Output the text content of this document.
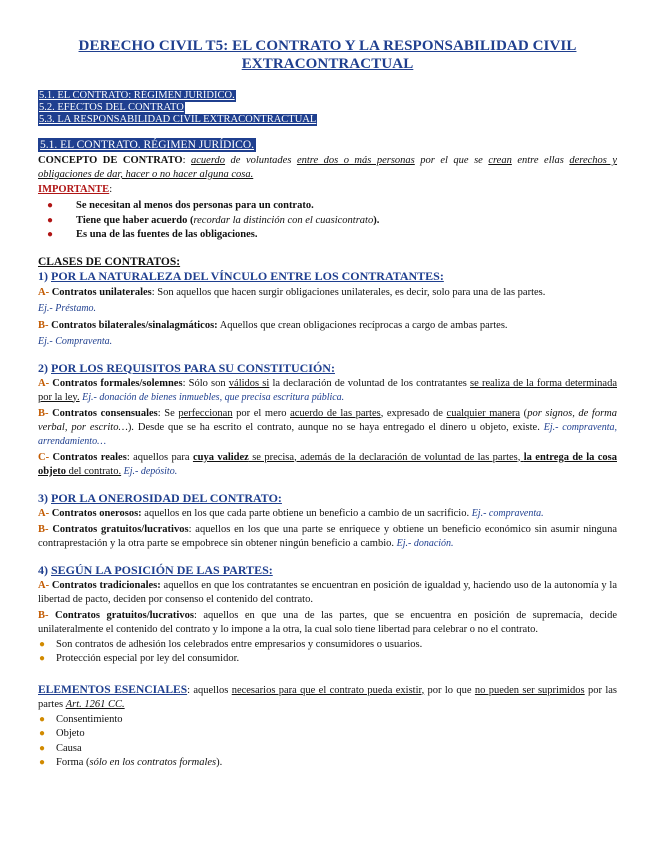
DERECHO CIVIL T5: EL CONTRATO Y LA RESPONSABILIDAD CIVIL EXTRACONTRACTUAL
5.1. EL CONTRATO: RÉGIMEN JURÍDICO.
5.2. EFECTOS DEL CONTRATO
5.3. LA RESPONSABILIDAD CIVIL EXTRACONTRACTUAL
5.1. EL CONTRATO. RÉGIMEN JURÍDICO.

CONCEPTO DE CONTRATO: acuerdo de voluntades entre dos o más personas por el que se crean entre ellas derechos y obligaciones de dar, hacer o no hacer alguna cosa.

IMPORTANTE:

● Se necesitan al menos dos personas para un contrato.
● Tiene que haber acuerdo (recordar la distinción con el cuasicontrato).
● Es una de las fuentes de las obligaciones.
CLASES DE CONTRATOS:
1) POR LA NATURALEZA DEL VÍNCULO ENTRE LOS CONTRATANTES:

A- Contratos unilaterales: Son aquellos que hacen surgir obligaciones unilaterales, es decir, solo para una de las partes.

Ej.- Préstamo.

B- Contratos bilaterales/sinalagmáticos: Aquellos que crean obligaciones recíprocas a cargo de ambas partes.

Ej.- Compraventa.

2) POR LOS REQUISITOS PARA SU CONSTITUCIÓN:

A- Contratos formales/solemnes: Sólo son válidos si la declaración de voluntad de los contratantes se realiza de la forma determinada por la ley. Ej.- donación de bienes inmuebles, que precisa escritura pública.

B- Contratos consensuales: Se perfeccionan por el mero acuerdo de las partes, expresado de cualquier manera (por signos, de forma verbal, por escrito…). Desde que se ha escrito el contrato, aunque no se haya entregado el dinero u objeto, existe. Ej.- compraventa, arrendamiento…

C- Contratos reales: aquellos para cuya validez se precisa, además de la declaración de voluntad de las partes, la entrega de la cosa objeto del contrato. Ej.- depósito.

3) POR LA ONEROSIDAD DEL CONTRATO:

A- Contratos onerosos: aquellos en los que cada parte obtiene un beneficio a cambio de un sacrificio. Ej.- compraventa.

B- Contratos gratuitos/lucrativos: aquellos en los que una parte se enriquece y obtiene un beneficio económico sin asumir ninguna contraprestación y la otra parte se empobrece sin obtener ningún beneficio a cambio. Ej.- donación.

4) SEGÚN LA POSICIÓN DE LAS PARTES:

A- Contratos tradicionales: aquellos en que los contratantes se encuentran en posición de igualdad y, haciendo uso de la autonomía y la libertad de pacto, deciden por consenso el contenido del contrato.

B- Contratos gratuitos/lucrativos: aquellos en que una de las partes, que se encuentra en posición de supremacía, decide unilateralmente el contenido del contrato y lo impone a la otra, la cual solo tiene libertad para celebrar o no el contrato.

● Son contratos de adhesión los celebrados entre empresarios y consumidores o usuarios.
● Protección especial por ley del consumidor.

ELEMENTOS ESENCIALES: aquellos necesarios para que el contrato pueda existir, por lo que no pueden ser suprimidos por las partes Art. 1261 CC.

● Consentimiento
● Objeto
● Causa
● Forma (sólo en los contratos formales).
